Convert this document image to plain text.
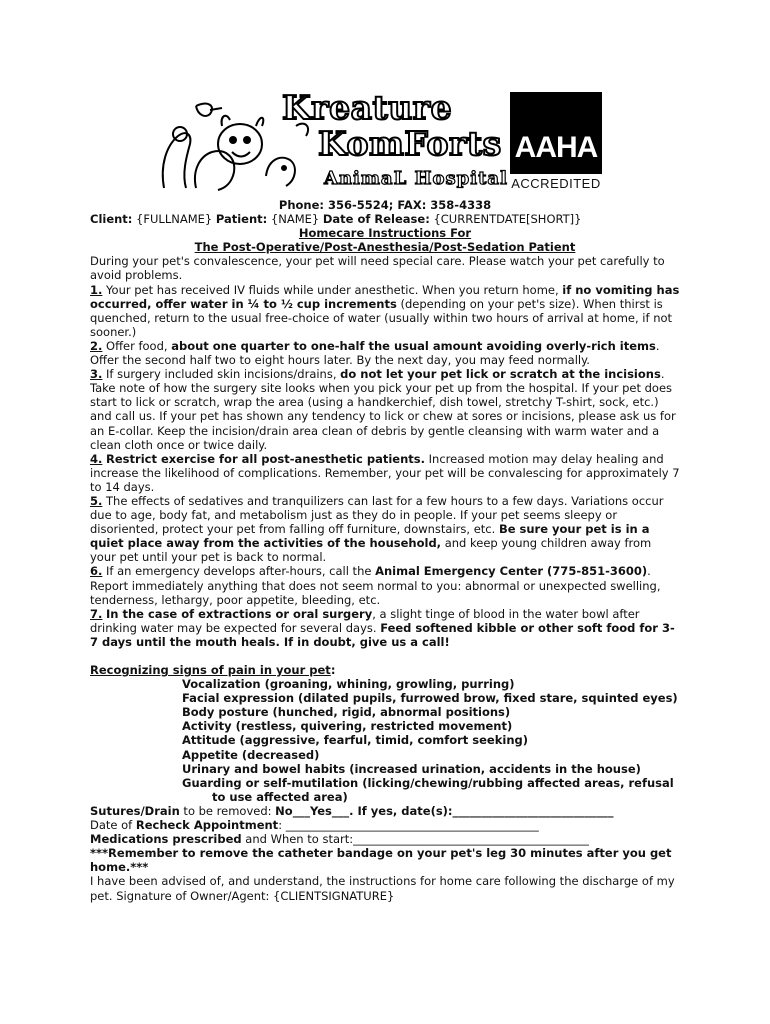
Kreature
KomForts
AnimaL Hospital
AAHA
ACCREDITED
Phone: 356-5524; FAX: 358-4338
Client: {FULLNAME} Patient: {NAME} Date of Release: {CURRENTDATE[SHORT]}
Homecare Instructions For
The Post-Operative/Post-Anesthesia/Post-Sedation Patient

During your pet's convalescence, your pet will need special care. Please watch your pet carefully to avoid problems.

1. Your pet has received IV fluids while under anesthetic. When you return home, if no vomiting has occurred, offer water in ¼ to ½ cup increments (depending on your pet's size). When thirst is quenched, return to the usual free-choice of water (usually within two hours of arrival at home, if not sooner.)

2. Offer food, about one quarter to one-half the usual amount avoiding overly-rich items. Offer the second half two to eight hours later. By the next day, you may feed normally.

3. If surgery included skin incisions/drains, do not let your pet lick or scratch at the incisions. Take note of how the surgery site looks when you pick your pet up from the hospital. If your pet does start to lick or scratch, wrap the area (using a handkerchief, dish towel, stretchy T-shirt, sock, etc.) and call us. If your pet has shown any tendency to lick or chew at sores or incisions, please ask us for an E-collar. Keep the incision/drain area clean of debris by gentle cleansing with warm water and a clean cloth once or twice daily.

4. Restrict exercise for all post-anesthetic patients. Increased motion may delay healing and increase the likelihood of complications. Remember, your pet will be convalescing for approximately 7 to 14 days.

5. The effects of sedatives and tranquilizers can last for a few hours to a few days. Variations occur due to age, body fat, and metabolism just as they do in people. If your pet seems sleepy or disoriented, protect your pet from falling off furniture, downstairs, etc. Be sure your pet is in a quiet place away from the activities of the household, and keep young children away from your pet until your pet is back to normal.

6. If an emergency develops after-hours, call the Animal Emergency Center (775-851-3600). Report immediately anything that does not seem normal to you: abnormal or unexpected swelling, tenderness, lethargy, poor appetite, bleeding, etc.

7. In the case of extractions or oral surgery, a slight tinge of blood in the water bowl after drinking water may be expected for several days. Feed softened kibble or other soft food for 3-7 days until the mouth heals. If in doubt, give us a call!

Recognizing signs of pain in your pet:
Vocalization (groaning, whining, growling, purring)
Facial expression (dilated pupils, furrowed brow, fixed stare, squinted eyes)
Body posture (hunched, rigid, abnormal positions)
Activity (restless, quivering, restricted movement)
Attitude (aggressive, fearful, timid, comfort seeking)
Appetite (decreased)
Urinary and bowel habits (increased urination, accidents in the house)
Guarding or self-mutilation (licking/chewing/rubbing affected areas, refusal
to use affected area)
Sutures/Drain to be removed: No___Yes___. If yes, date(s):____________________________
Date of Recheck Appointment: ____________________________________________
Medications prescribed and When to start:_________________________________________
***Remember to remove the catheter bandage on your pet's leg 30 minutes after you get home.***
I have been advised of, and understand, the instructions for home care following the discharge of my pet. Signature of Owner/Agent: {CLIENTSIGNATURE}
